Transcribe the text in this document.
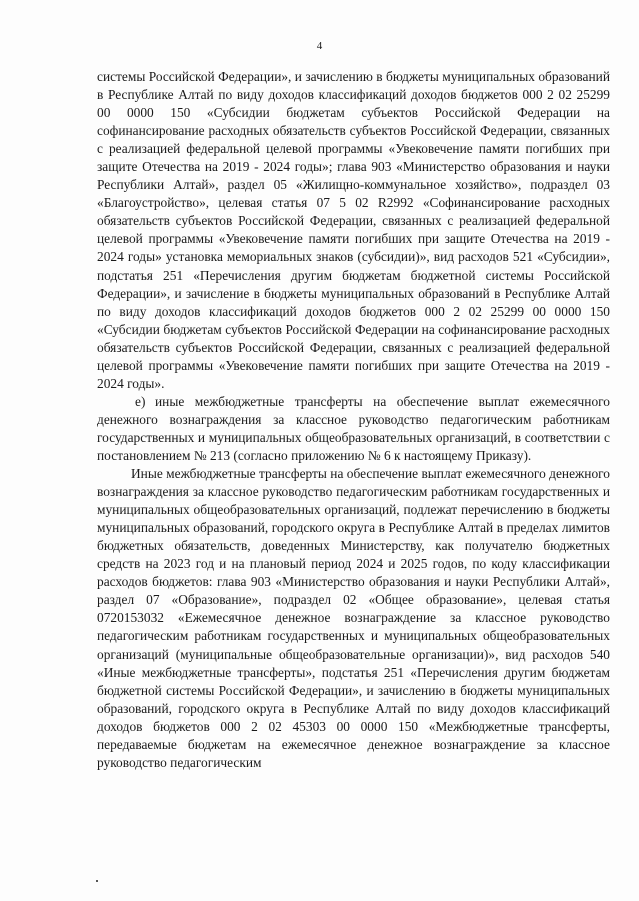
4

системы Российской Федерации», и зачислению в бюджеты муниципальных образований в Республике Алтай по виду доходов классификаций доходов бюджетов 000 2 02 25299 00 0000 150 «Субсидии бюджетам субъектов Российской Федерации на софинансирование расходных обязательств субъектов Российской Федерации, связанных с реализацией федеральной целевой программы «Увековечение памяти погибших при защите Отечества на 2019 - 2024 годы»; глава 903 «Министерство образования и науки Республики Алтай», раздел 05 «Жилищно-коммунальное хозяйство», подраздел 03 «Благоустройство», целевая статья 07 5 02 R2992 «Софинансирование расходных обязательств субъектов Российской Федерации, связанных с реализацией федеральной целевой программы «Увековечение памяти погибших при защите Отечества на 2019 - 2024 годы» установка мемориальных знаков (субсидии)», вид расходов 521 «Субсидии», подстатья 251 «Перечисления другим бюджетам бюджетной системы Российской Федерации», и зачисление в бюджеты муниципальных образований в Республике Алтай по виду доходов классификаций доходов бюджетов 000 2 02 25299 00 0000 150 «Субсидии бюджетам субъектов Российской Федерации на софинансирование расходных обязательств субъектов Российской Федерации, связанных с реализацией федеральной целевой программы «Увековечение памяти погибших при защите Отечества на 2019 - 2024 годы».

е) иные межбюджетные трансферты на обеспечение выплат ежемесячного денежного вознаграждения за классное руководство педагогическим работникам государственных и муниципальных общеобразовательных организаций, в соответствии с постановлением № 213 (согласно приложению № 6 к настоящему Приказу).

Иные межбюджетные трансферты на обеспечение выплат ежемесячного денежного вознаграждения за классное руководство педагогическим работникам государственных и муниципальных общеобразовательных организаций, подлежат перечислению в бюджеты муниципальных образований, городского округа в Республике Алтай в пределах лимитов бюджетных обязательств, доведенных Министерству, как получателю бюджетных средств на 2023 год и на плановый период 2024 и 2025 годов, по коду классификации расходов бюджетов: глава 903 «Министерство образования и науки Республики Алтай», раздел 07 «Образование», подраздел 02 «Общее образование», целевая статья 0720153032 «Ежемесячное денежное вознаграждение за классное руководство педагогическим работникам государственных и муниципальных общеобразовательных организаций (муниципальные общеобразовательные организации)», вид расходов 540 «Иные межбюджетные трансферты», подстатья 251 «Перечисления другим бюджетам бюджетной системы Российской Федерации», и зачислению в бюджеты муниципальных образований, городского округа в Республике Алтай по виду доходов классификаций доходов бюджетов 000 2 02 45303 00 0000 150 «Межбюджетные трансферты, передаваемые бюджетам на ежемесячное денежное вознаграждение за классное руководство педагогическим
